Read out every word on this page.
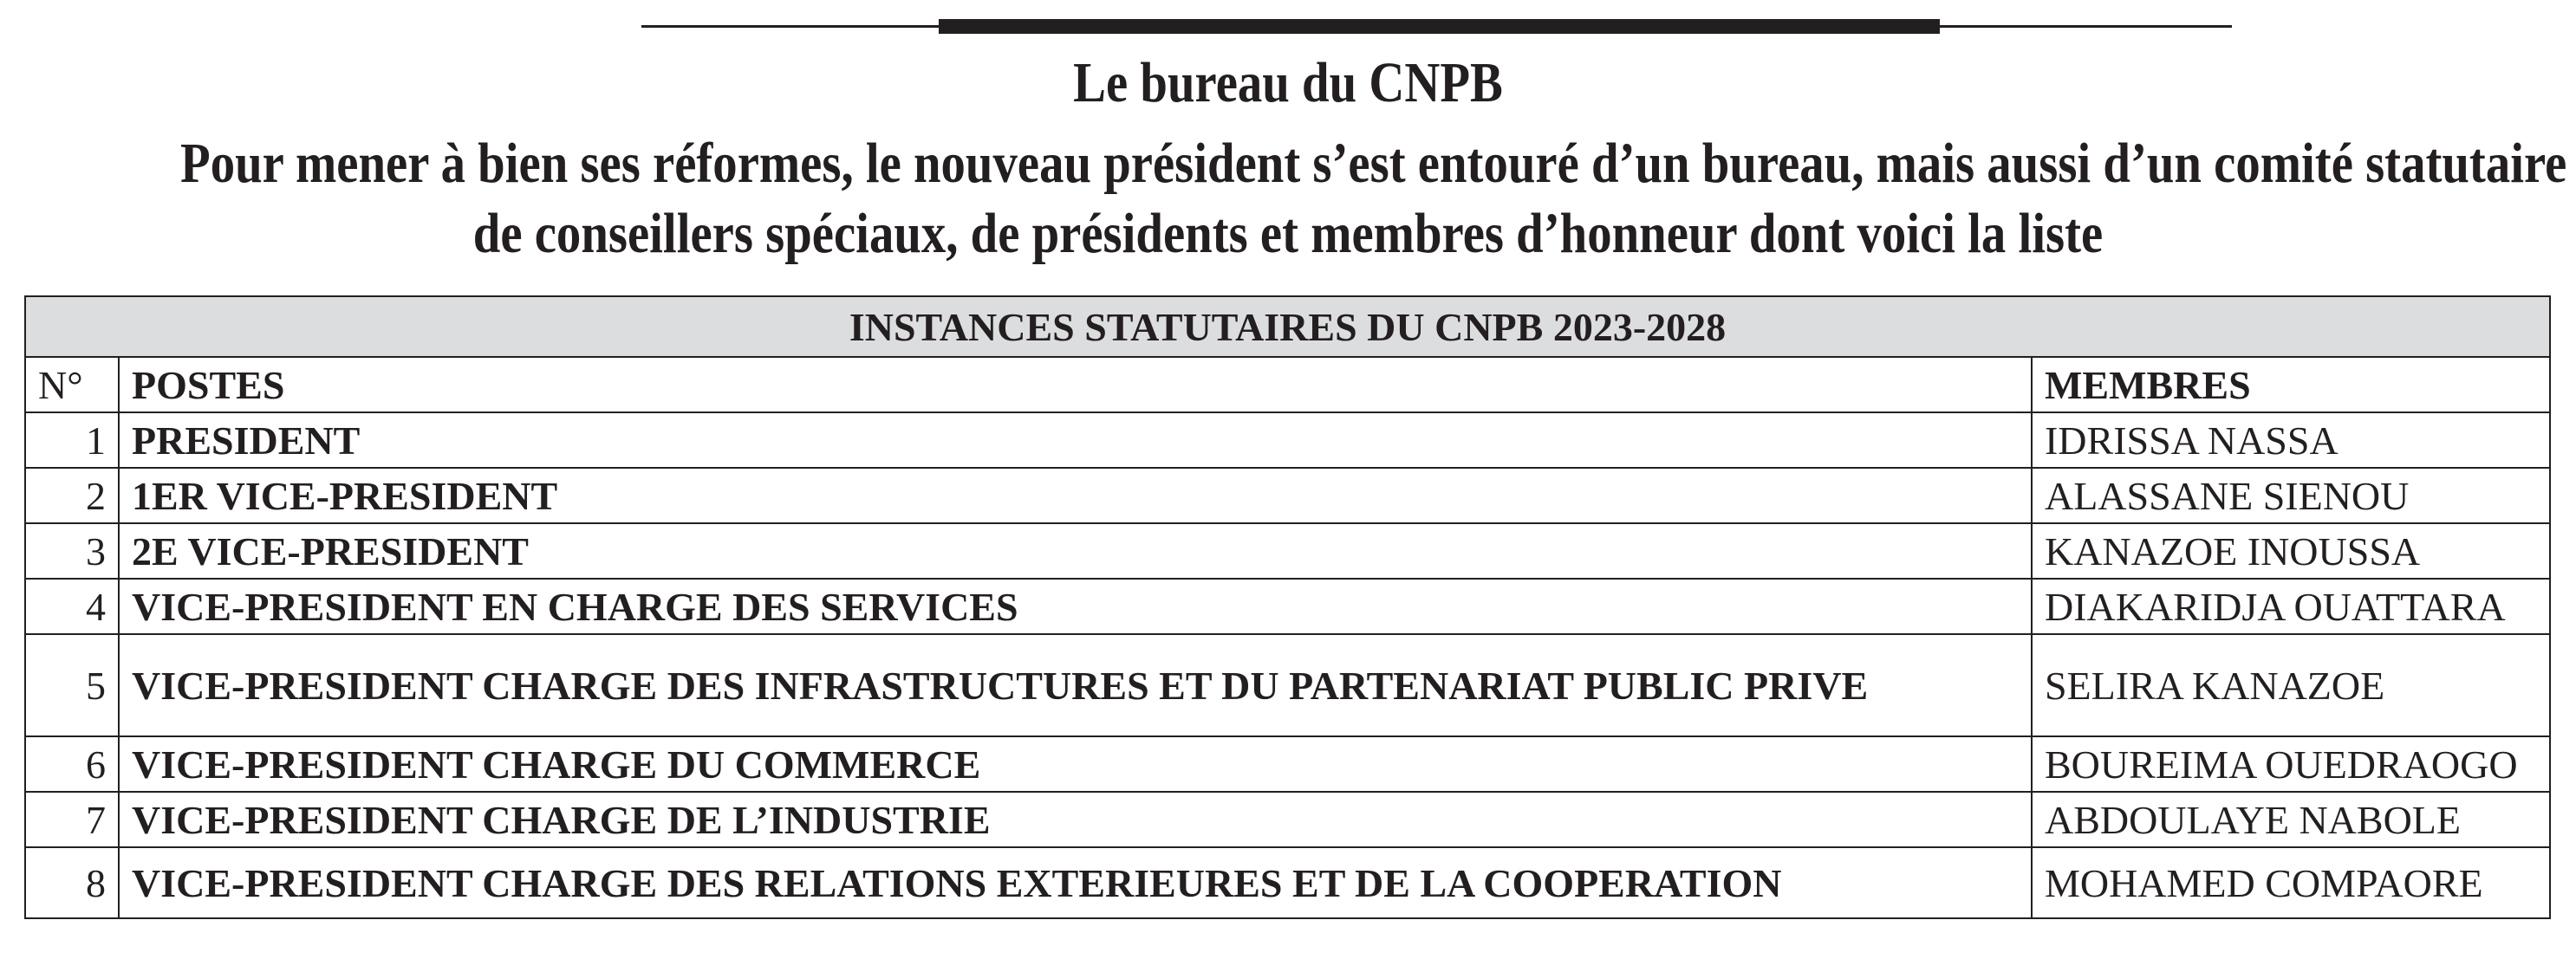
Le bureau du CNPB
Pour mener à bien ses réformes, le nouveau président s’est entouré d’un bureau, mais aussi d’un comité statutaire
de conseillers spéciaux, de présidents et membres d’honneur dont voici la liste
INSTANCES STATUTAIRES DU CNPB 2023-2028		
N°	POSTES	MEMBRES
1	PRESIDENT	IDRISSA NASSA
2	1ER VICE-PRESIDENT	ALASSANE SIENOU
3	2E VICE-PRESIDENT	KANAZOE INOUSSA
4	VICE-PRESIDENT EN CHARGE DES SERVICES	DIAKARIDJA OUATTARA
5	VICE-PRESIDENT CHARGE DES INFRASTRUCTURES ET DU PARTENARIAT PUBLIC PRIVE	SELIRA KANAZOE
6	VICE-PRESIDENT CHARGE DU COMMERCE	BOUREIMA OUEDRAOGO
7	VICE-PRESIDENT CHARGE DE L’INDUSTRIE	ABDOULAYE NABOLE
8	VICE-PRESIDENT CHARGE DES RELATIONS EXTERIEURES ET DE LA COOPERATION	MOHAMED COMPAORE
